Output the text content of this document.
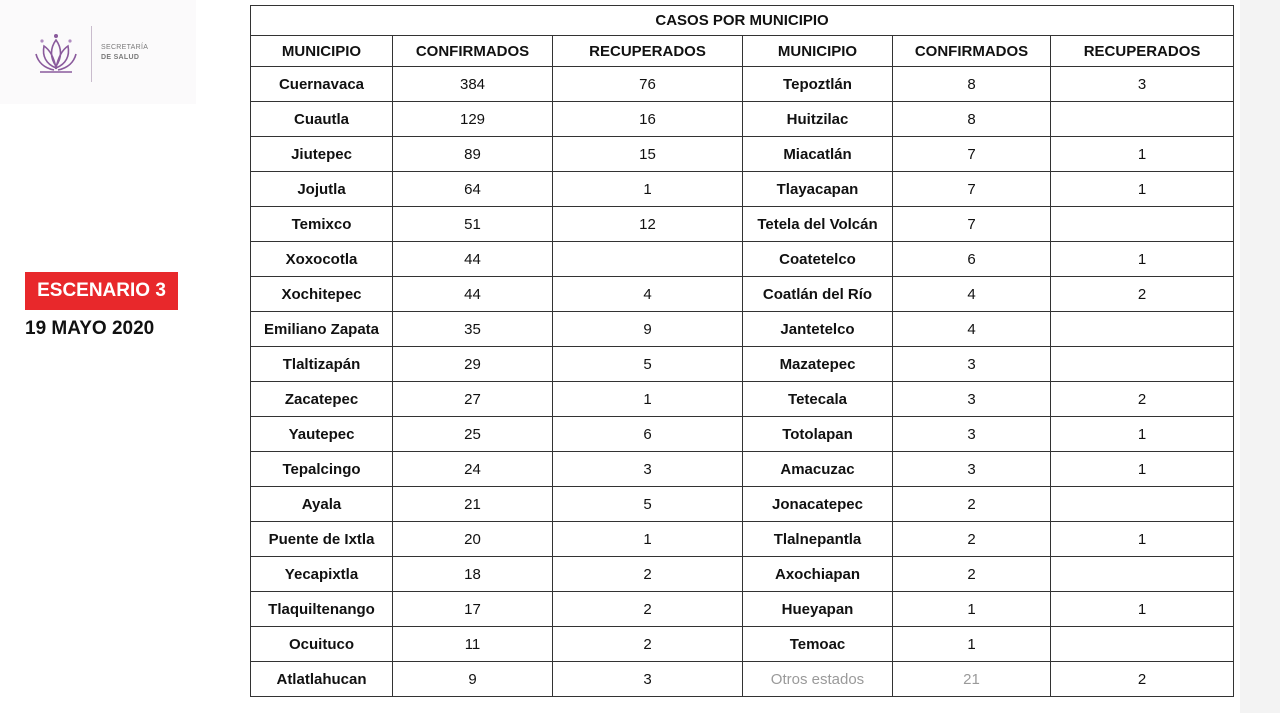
SECRETARÍA
DE SALUD
ESCENARIO 3
19 MAYO 2020
CASOS POR MUNICIPIO					
MUNICIPIO	CONFIRMADOS	RECUPERADOS	MUNICIPIO	CONFIRMADOS	RECUPERADOS
Cuernavaca	384	76	Tepoztlán	8	3
Cuautla	129	16	Huitzilac	8	
Jiutepec	89	15	Miacatlán	7	1
Jojutla	64	1	Tlayacapan	7	1
Temixco	51	12	Tetela del Volcán	7	
Xoxocotla	44		Coatetelco	6	1
Xochitepec	44	4	Coatlán del Río	4	2
Emiliano Zapata	35	9	Jantetelco	4	
Tlaltizapán	29	5	Mazatepec	3	
Zacatepec	27	1	Tetecala	3	2
Yautepec	25	6	Totolapan	3	1
Tepalcingo	24	3	Amacuzac	3	1
Ayala	21	5	Jonacatepec	2	
Puente de Ixtla	20	1	Tlalnepantla	2	1
Yecapixtla	18	2	Axochiapan	2	
Tlaquiltenango	17	2	Hueyapan	1	1
Ocuituco	11	2	Temoac	1	
Atlatlahucan	9	3	Otros estados	21	2
